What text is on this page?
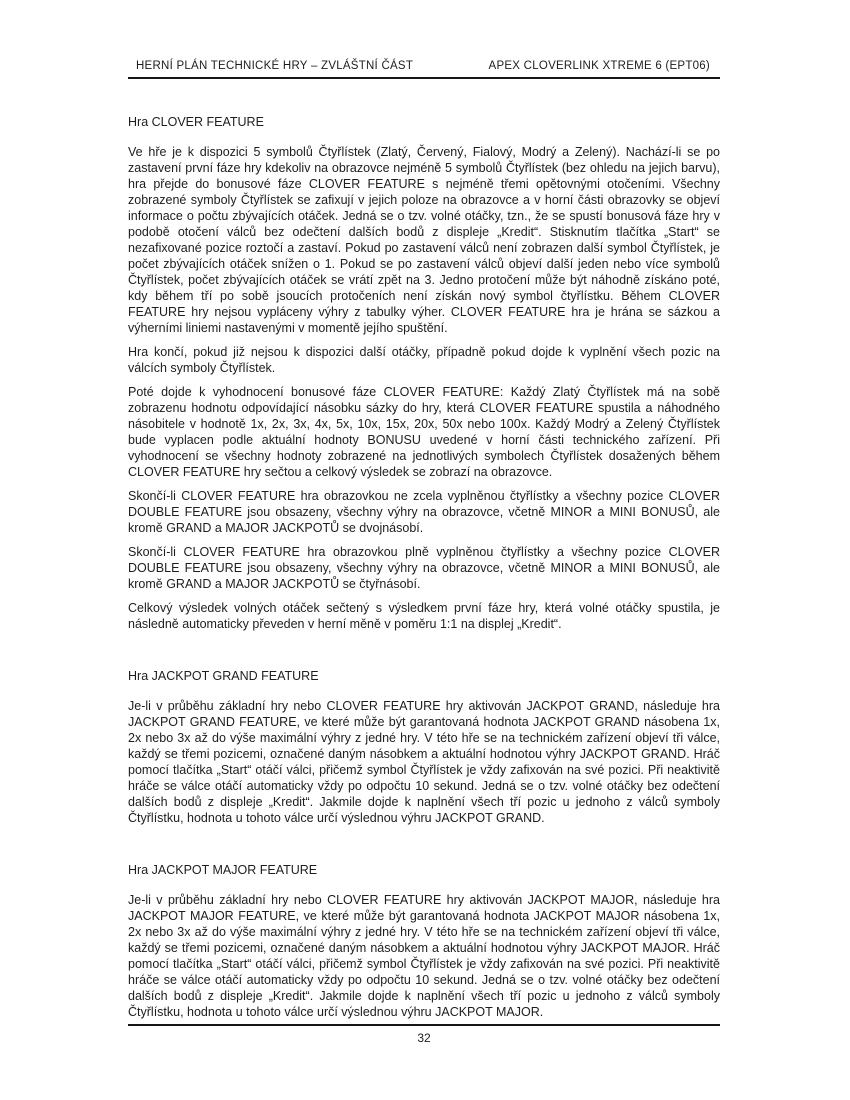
HERNÍ PLÁN TECHNICKÉ HRY – ZVLÁŠTNÍ ČÁST	APEX CLOVERLINK XTREME 6 (EPT06)
Hra CLOVER FEATURE

Ve hře je k dispozici 5 symbolů Čtyřlístek (Zlatý, Červený, Fialový, Modrý a Zelený). Nachází-li se po zastavení první fáze hry kdekoliv na obrazovce nejméně 5 symbolů Čtyřlístek (bez ohledu na jejich barvu), hra přejde do bonusové fáze CLOVER FEATURE s nejméně třemi opětovnými otočeními. Všechny zobrazené symboly Čtyřlístek se zafixují v jejich poloze na obrazovce a v horní části obrazovky se objeví informace o počtu zbývajících otáček. Jedná se o tzv. volné otáčky, tzn., že se spustí bonusová fáze hry v podobě otočení válců bez odečtení dalších bodů z displeje „Kredit“. Stisknutím tlačítka „Start“ se nezafixované pozice roztočí a zastaví. Pokud po zastavení válců není zobrazen další symbol Čtyřlístek, je počet zbývajících otáček snížen o 1. Pokud se po zastavení válců objeví další jeden nebo více symbolů Čtyřlístek, počet zbývajících otáček se vrátí zpět na 3. Jedno protočení může být náhodně získáno poté, kdy během tří po sobě jsoucích protočeních není získán nový symbol čtyřlístku. Během CLOVER FEATURE hry nejsou vypláceny výhry z tabulky výher. CLOVER FEATURE hra je hrána se sázkou a výherními liniemi nastavenými v momentě jejího spuštění.

Hra končí, pokud již nejsou k dispozici další otáčky, případně pokud dojde k vyplnění všech pozic na válcích symboly Čtyřlístek.

Poté dojde k vyhodnocení bonusové fáze CLOVER FEATURE: Každý Zlatý Čtyřlístek má na sobě zobrazenu hodnotu odpovídající násobku sázky do hry, která CLOVER FEATURE spustila a náhodného násobitele v hodnotě 1x, 2x, 3x, 4x, 5x, 10x, 15x, 20x, 50x nebo 100x. Každý Modrý a Zelený Čtyřlístek bude vyplacen podle aktuální hodnoty BONUSU uvedené v horní části technického zařízení. Při vyhodnocení se všechny hodnoty zobrazené na jednotlivých symbolech Čtyřlístek dosažených během CLOVER FEATURE hry sečtou a celkový výsledek se zobrazí na obrazovce.

Skončí-li CLOVER FEATURE hra obrazovkou ne zcela vyplněnou čtyřlístky a všechny pozice CLOVER DOUBLE FEATURE jsou obsazeny, všechny výhry na obrazovce, včetně MINOR a MINI BONUSŮ, ale kromě GRAND a MAJOR JACKPOTŮ se dvojnásobí.

Skončí-li CLOVER FEATURE hra obrazovkou plně vyplněnou čtyřlístky a všechny pozice CLOVER DOUBLE FEATURE jsou obsazeny, všechny výhry na obrazovce, včetně MINOR a MINI BONUSŮ, ale kromě GRAND a MAJOR JACKPOTŮ se čtyřnásobí.

Celkový výsledek volných otáček sečtený s výsledkem první fáze hry, která volné otáčky spustila, je následně automaticky převeden v herní měně v poměru 1:1 na displej „Kredit“.

Hra JACKPOT GRAND FEATURE

Je-li v průběhu základní hry nebo CLOVER FEATURE hry aktivován JACKPOT GRAND, následuje hra JACKPOT GRAND FEATURE, ve které může být garantovaná hodnota JACKPOT GRAND násobena 1x, 2x nebo 3x až do výše maximální výhry z jedné hry. V této hře se na technickém zařízení objeví tři válce, každý se třemi pozicemi, označené daným násobkem a aktuální hodnotou výhry JACKPOT GRAND. Hráč pomocí tlačítka „Start“ otáčí válci, přičemž symbol Čtyřlístek je vždy zafixován na své pozici. Při neaktivitě hráče se válce otáčí automaticky vždy po odpočtu 10 sekund. Jedná se o tzv. volné otáčky bez odečtení dalších bodů z displeje „Kredit“. Jakmile dojde k naplnění všech tří pozic u jednoho z válců symboly Čtyřlístku, hodnota u tohoto válce určí výslednou výhru JACKPOT GRAND.

Hra JACKPOT MAJOR FEATURE

Je-li v průběhu základní hry nebo CLOVER FEATURE hry aktivován JACKPOT MAJOR, následuje hra JACKPOT MAJOR FEATURE, ve které může být garantovaná hodnota JACKPOT MAJOR násobena 1x, 2x nebo 3x až do výše maximální výhry z jedné hry. V této hře se na technickém zařízení objeví tři válce, každý se třemi pozicemi, označené daným násobkem a aktuální hodnotou výhry JACKPOT MAJOR. Hráč pomocí tlačítka „Start“ otáčí válci, přičemž symbol Čtyřlístek je vždy zafixován na své pozici. Při neaktivitě hráče se válce otáčí automaticky vždy po odpočtu 10 sekund. Jedná se o tzv. volné otáčky bez odečtení dalších bodů z displeje „Kredit“. Jakmile dojde k naplnění všech tří pozic u jednoho z válců symboly Čtyřlístku, hodnota u tohoto válce určí výslednou výhru JACKPOT MAJOR.

32
